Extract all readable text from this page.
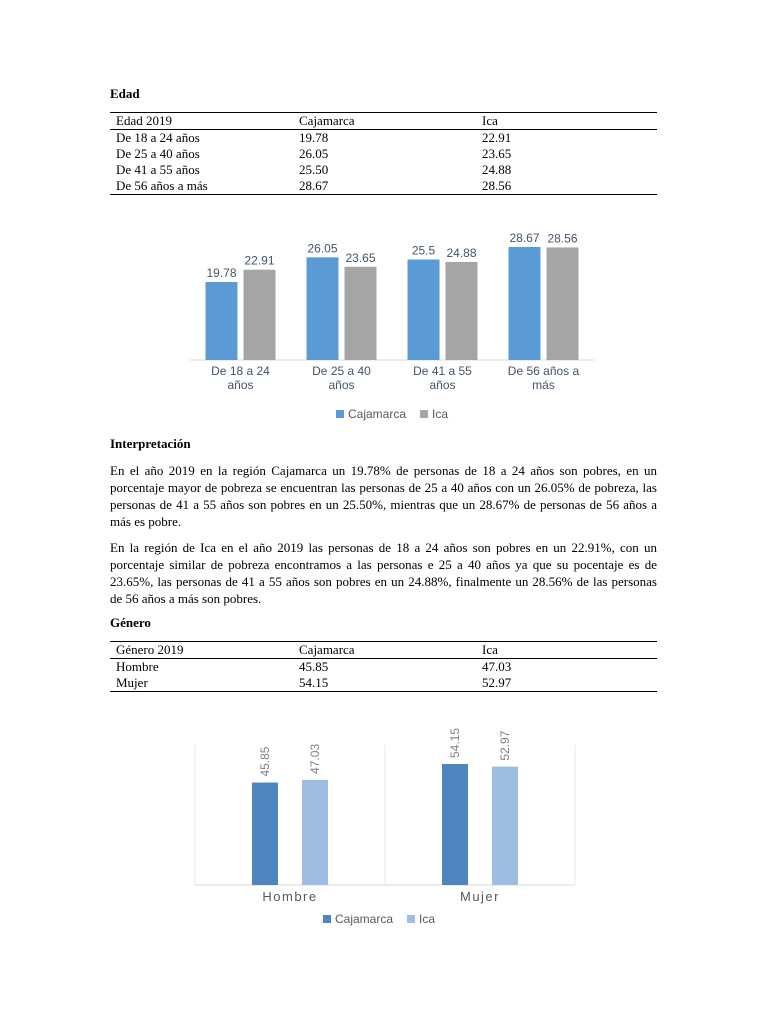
Edad
Edad 2019	Cajamarca	Ica
De 18 a 24 años	19.78	22.91
De 25 a 40 años	26.05	23.65
De 41 a 55 años	25.50	24.88
De 56 años a más	28.67	28.56
19.78
22.91
De 18 a 24
años
26.05
23.65
De 25 a 40
años
25.5 24.88
De 41 a 55
años
28.67 28.56
De 56 años a
más
Cajamarca Ica
Interpretación

En el año 2019 en la región Cajamarca un 19.78% de personas de 18 a 24 años son pobres, en un porcentaje mayor de pobreza se encuentran las personas de 25 a 40 años con un 26.05% de pobreza, las personas de 41 a 55 años son pobres en un 25.50%, mientras que un 28.67% de personas de 56 años a más es pobre.

En la región de Ica en el año 2019 las personas de 18 a 24 años son pobres en un 22.91%, con un porcentaje similar de pobreza encontramos a las personas e 25 a 40 años ya que su pocentaje es de 23.65%, las personas de 41 a 55 años son pobres en un 24.88%, finalmente un 28.56% de las personas de 56 años a más son pobres.

Género
Género 2019	Cajamarca	Ica
Hombre	45.85	47.03
Mujer	54.15	52.97
45.85	47.03
Hombre
54.15	52.97
Mujer
Cajamarca Ica
